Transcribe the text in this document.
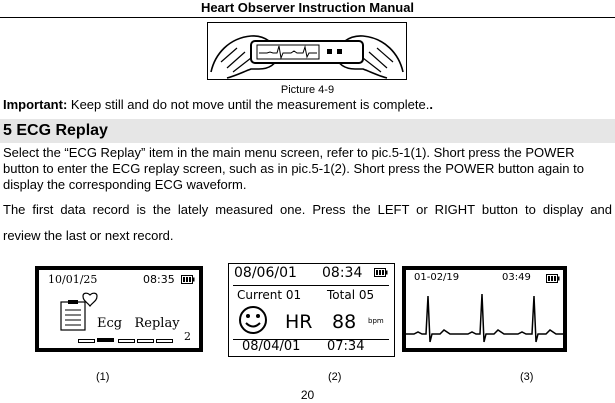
Heart Observer Instruction Manual
Picture 4-9
Important: Keep still and do not move until the measurement is complete..
5 ECG Replay
Select the “ECG Replay” item in the main menu screen, refer to pic.5-1(1). Short press the POWER
button to enter the ECG replay screen, such as in pic.5-1(2). Short press the POWER button again to
display the corresponding ECG waveform.
The first data record is the lately measured one. Press the LEFT or RIGHT button to display and
review the last or next record.
10/01/25	08:35
Ecg   Replay
2
08/06/01 08:34
Current 01 Total 05
HR 88 bpm
08/04/01 07:34
01-02/19	03:49
(1)	(2)	(3)
20
